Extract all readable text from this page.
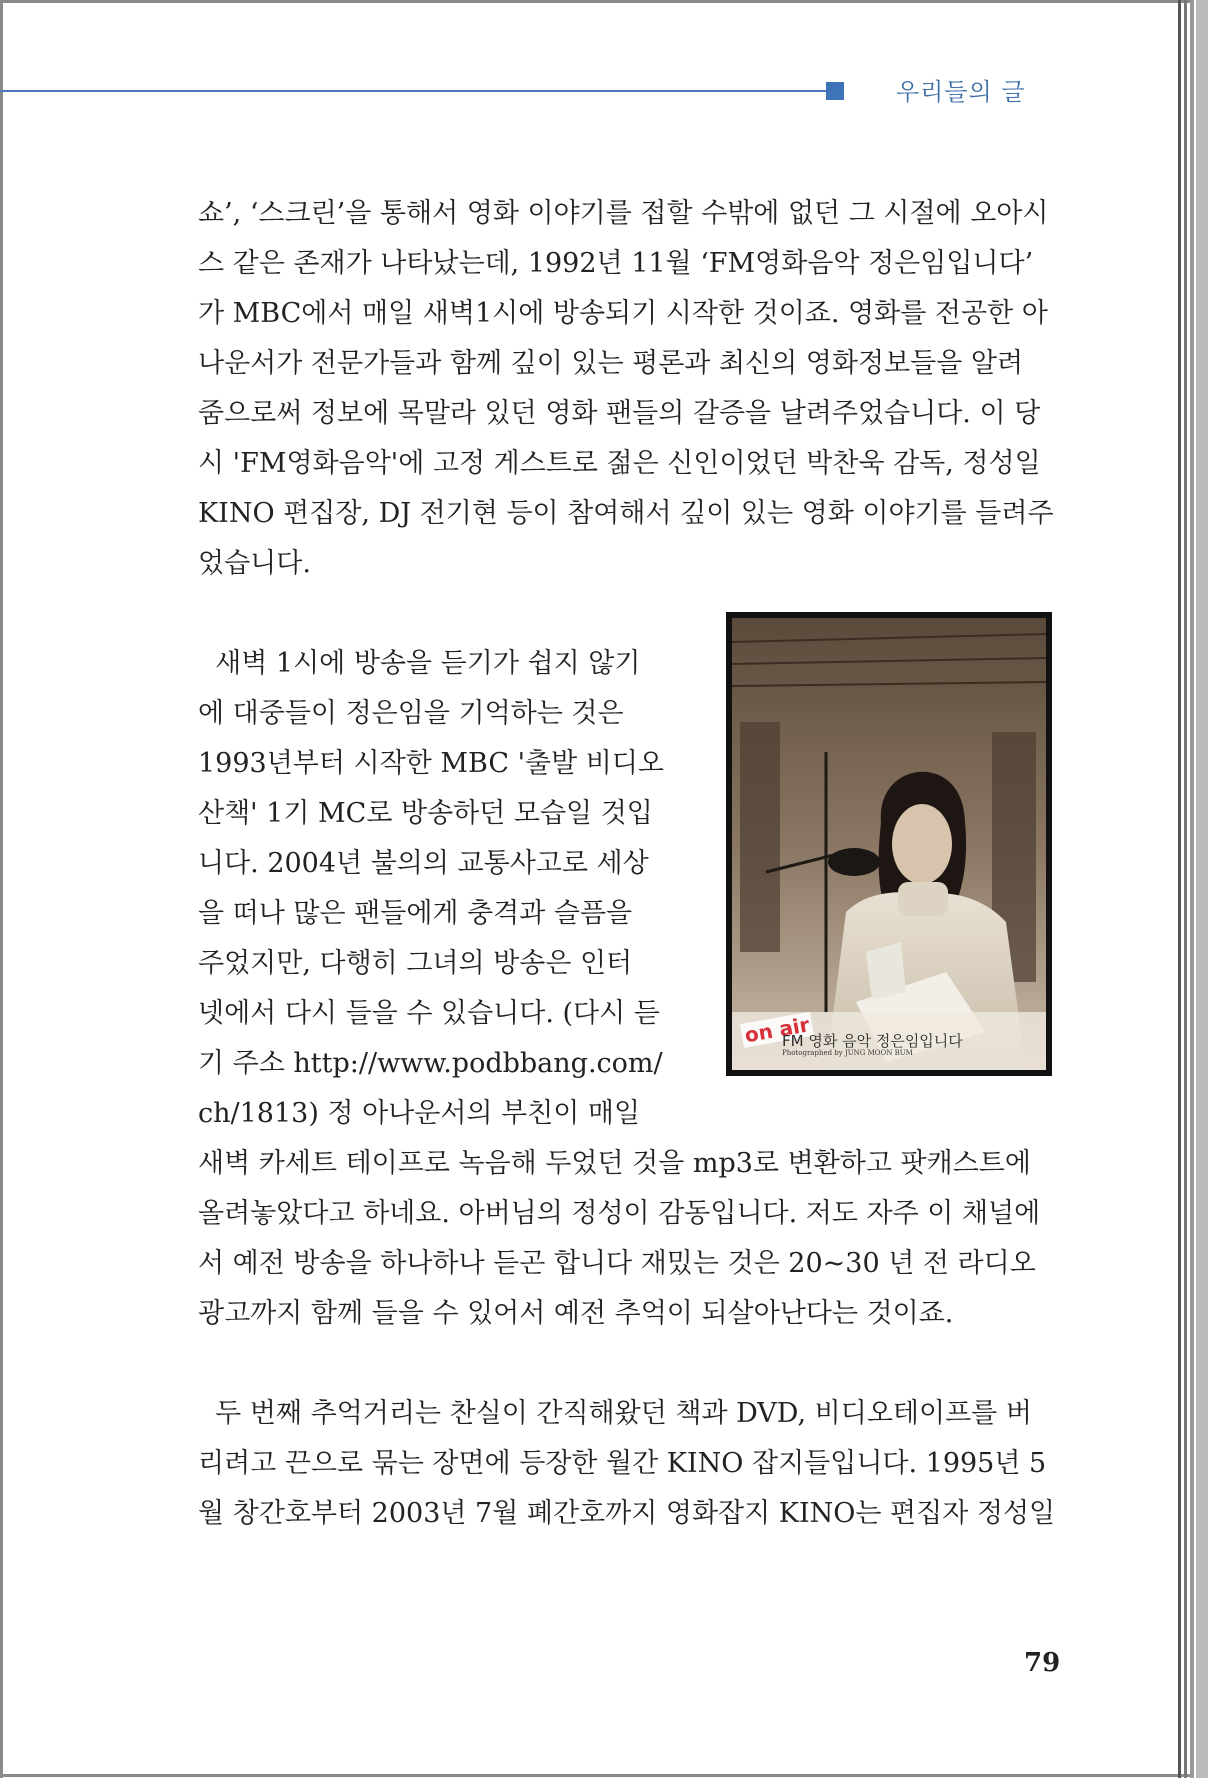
우리들의 글
쇼’, ‘스크린’을 통해서 영화 이야기를 접할 수밖에 없던 그 시절에 오아시
스 같은 존재가 나타났는데, 1992년 11월 ‘FM영화음악 정은임입니다’
가 MBC에서 매일 새벽1시에 방송되기 시작한 것이죠. 영화를 전공한 아
나운서가 전문가들과 함께 깊이 있는 평론과 최신의 영화정보들을 알려
줌으로써 정보에 목말라 있던 영화 팬들의 갈증을 날려주었습니다. 이 당
시 'FM영화음악'에 고정 게스트로 젊은 신인이었던 박찬욱 감독, 정성일
KINO 편집장, DJ 전기현 등이 참여해서 깊이 있는 영화 이야기를 들려주
었습니다.
새벽 1시에 방송을 듣기가 쉽지 않기
에 대중들이 정은임을 기억하는 것은
1993년부터 시작한 MBC '출발 비디오
산책' 1기 MC로 방송하던 모습일 것입
니다. 2004년 불의의 교통사고로 세상
을 떠나 많은 팬들에게 충격과 슬픔을
주었지만, 다행히 그녀의 방송은 인터
넷에서 다시 들을 수 있습니다. (다시 듣
기 주소 http://www.podbbang.com/
ch/1813) 정 아나운서의 부친이 매일
새벽 카세트 테이프로 녹음해 두었던 것을 mp3로 변환하고 팟캐스트에
올려놓았다고 하네요. 아버님의 정성이 감동입니다. 저도 자주 이 채널에
서 예전 방송을 하나하나 듣곤 합니다 재밌는 것은 20~30 년 전 라디오
광고까지 함께 들을 수 있어서 예전 추억이 되살아난다는 것이죠.
두 번째 추억거리는 찬실이 간직해왔던 책과 DVD, 비디오테이프를 버
리려고 끈으로 묶는 장면에 등장한 월간 KINO 잡지들입니다. 1995년 5
월 창간호부터 2003년 7월 폐간호까지 영화잡지 KINO는 편집자 정성일
on air
FM 영화 음악 정은임입니다
Photographed by JUNG MOON BUM
79
